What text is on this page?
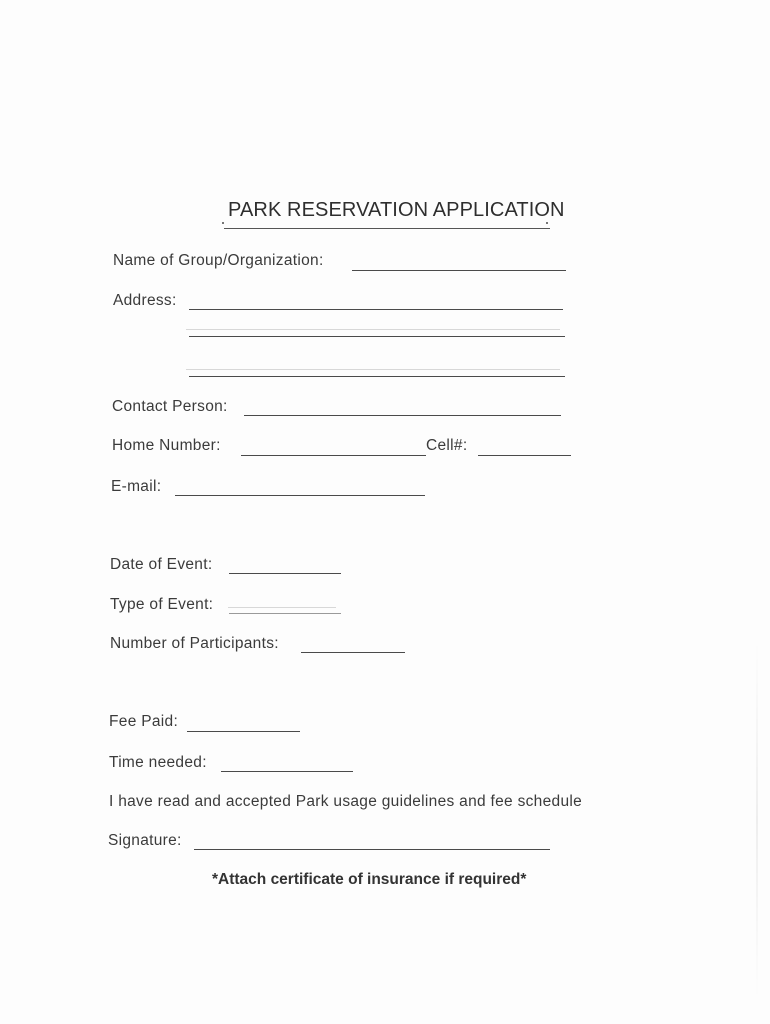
PARK RESERVATION APPLICATION
Name of Group/Organization:
Address:
Contact Person:
Home Number:	Cell#:
E-mail:
Date of Event:
Type of Event:
Number of Participants:
Fee Paid:
Time needed:
I have read and accepted Park usage guidelines and fee schedule
Signature:
*Attach certificate of insurance if required*
